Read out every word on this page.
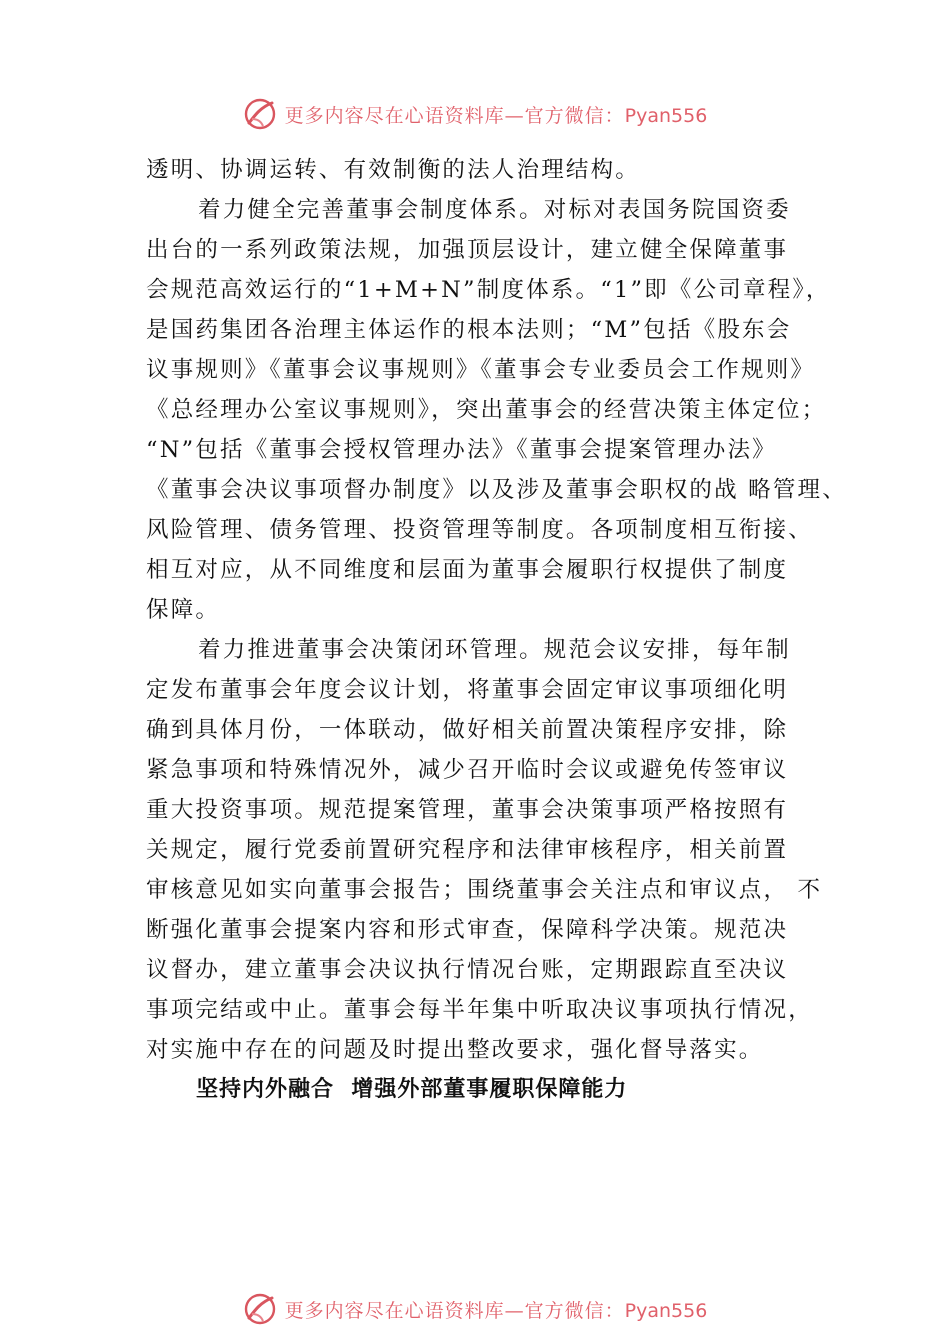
更多内容尽在心语资料库—官方微信：Pyan556
透明、协调运转、有效制衡的法人治理结构。
着力健全完善董事会制度体系。对标对表国务院国资委
出台的一系列政策法规，加强顶层设计，建立健全保障董事
会规范高效运行的“1+M+N”制度体系。“1”即《公司章程》，
是国药集团各治理主体运作的根本法则；“M”包括《股东会
议事规则》《董事会议事规则》《董事会专业委员会工作规则》
《总经理办公室议事规则》，突出董事会的经营决策主体定位；
“N”包括《董事会授权管理办法》《董事会提案管理办法》
《董事会决议事项督办制度》以及涉及董事会职权的战 略管理、
风险管理、债务管理、投资管理等制度。各项制度相互衔接、
相互对应，从不同维度和层面为董事会履职行权提供了制度
保障。
着力推进董事会决策闭环管理。规范会议安排，每年制
定发布董事会年度会议计划，将董事会固定审议事项细化明
确到具体月份，一体联动，做好相关前置决策程序安排，除
紧急事项和特殊情况外，减少召开临时会议或避免传签审议
重大投资事项。规范提案管理，董事会决策事项严格按照有
关规定，履行党委前置研究程序和法律审核程序，相关前置
审核意见如实向董事会报告；围绕董事会关注点和审议点， 不
断强化董事会提案内容和形式审查，保障科学决策。规范决
议督办，建立董事会决议执行情况台账，定期跟踪直至决议
事项完结或中止。董事会每半年集中听取决议事项执行情况，
对实施中存在的问题及时提出整改要求，强化督导落实。
坚持内外融合  增强外部董事履职保障能力
更多内容尽在心语资料库—官方微信：Pyan556
